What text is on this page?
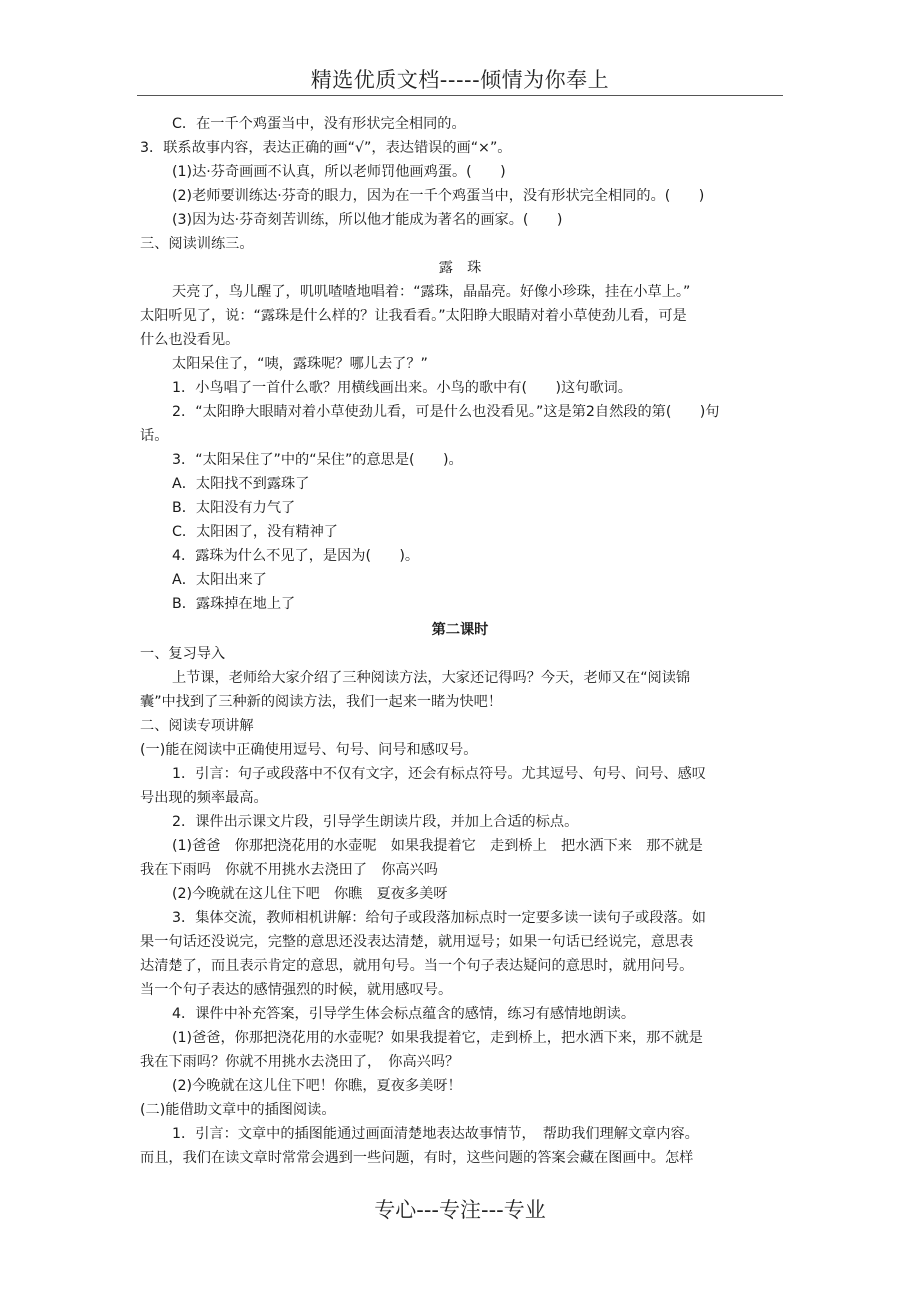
精选优质文档-----倾情为你奉上
C．在一千个鸡蛋当中，没有形状完全相同的。
3．联系故事内容，表达正确的画“√”，表达错误的画“×”。
(1)达·芬奇画画不认真，所以老师罚他画鸡蛋。(　　)
(2)老师要训练达·芬奇的眼力，因为在一千个鸡蛋当中，没有形状完全相同的。(　　)
(3)因为达·芬奇刻苦训练，所以他才能成为著名的画家。(　　)
三、阅读训练三。
露　珠
天亮了，鸟儿醒了，叽叽喳喳地唱着：“露珠，晶晶亮。好像小珍珠，挂在小草上。”
太阳听见了，说：“露珠是什么样的？让我看看。”太阳睁大眼睛对着小草使劲儿看，可是
什么也没看见。
太阳呆住了，“咦，露珠呢？哪儿去了？”
1．小鸟唱了一首什么歌？用横线画出来。小鸟的歌中有(　　)这句歌词。
2．“太阳睁大眼睛对着小草使劲儿看，可是什么也没看见。”这是第2自然段的第(　　)句
话。
3．“太阳呆住了”中的“呆住”的意思是(　　)。
A．太阳找不到露珠了
B．太阳没有力气了
C．太阳困了，没有精神了
4．露珠为什么不见了，是因为(　　)。
A．太阳出来了
B．露珠掉在地上了
第二课时
一、复习导入
上节课，老师给大家介绍了三种阅读方法，大家还记得吗？今天，老师又在“阅读锦
囊”中找到了三种新的阅读方法，我们一起来一睹为快吧！
二、阅读专项讲解
(一)能在阅读中正确使用逗号、句号、问号和感叹号。
1．引言：句子或段落中不仅有文字，还会有标点符号。尤其逗号、句号、问号、感叹
号出现的频率最高。
2．课件出示课文片段，引导学生朗读片段，并加上合适的标点。
(1)爸爸　你那把浇花用的水壶呢　如果我提着它　走到桥上　把水洒下来　那不就是
我在下雨吗　你就不用挑水去浇田了　你高兴吗
(2)今晚就在这儿住下吧　你瞧　夏夜多美呀
3．集体交流，教师相机讲解：给句子或段落加标点时一定要多读一读句子或段落。如
果一句话还没说完，完整的意思还没表达清楚，就用逗号；如果一句话已经说完，意思表
达清楚了，而且表示肯定的意思，就用句号。当一个句子表达疑问的意思时，就用问号。
当一个句子表达的感情强烈的时候，就用感叹号。
4．课件中补充答案，引导学生体会标点蕴含的感情，练习有感情地朗读。
(1)爸爸，你那把浇花用的水壶呢？如果我提着它，走到桥上，把水洒下来，那不就是
我在下雨吗？你就不用挑水去浇田了，　你高兴吗？
(2)今晚就在这儿住下吧！你瞧，夏夜多美呀！
(二)能借助文章中的插图阅读。
1．引言：文章中的插图能通过画面清楚地表达故事情节，　帮助我们理解文章内容。
而且，我们在读文章时常常会遇到一些问题，有时，这些问题的答案会藏在图画中。怎样
专心---专注---专业
